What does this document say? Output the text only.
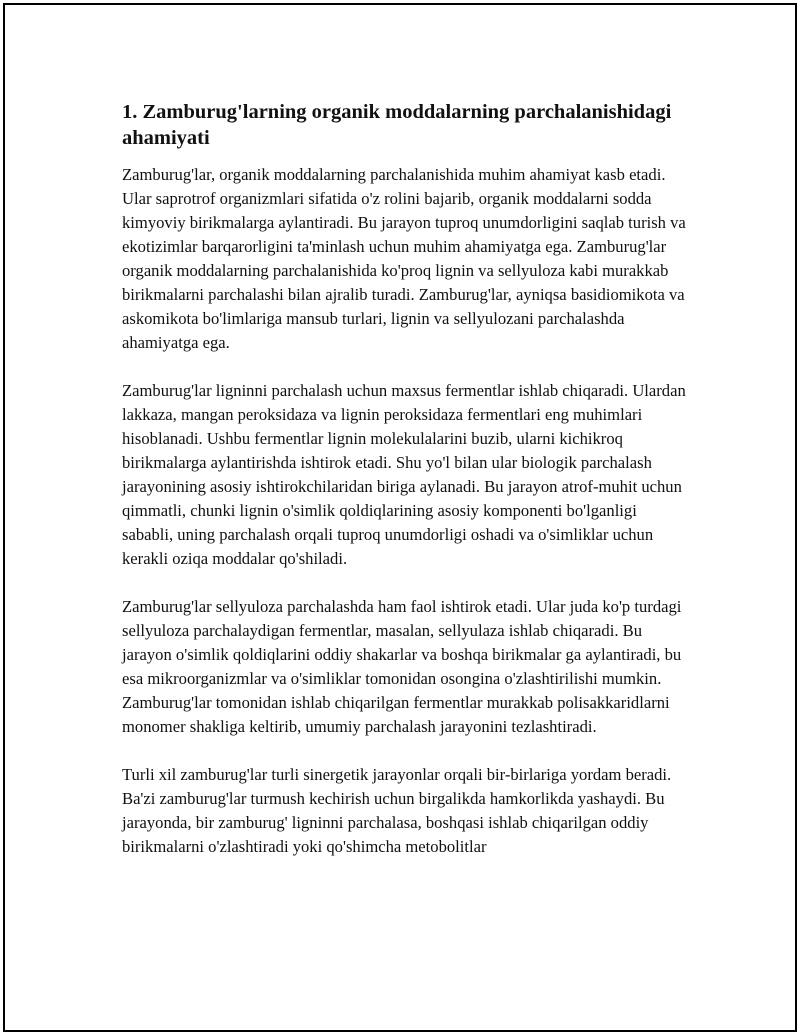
1. Zamburug'larning organik moddalarning parchalanishidagi ahamiyati

Zamburug'lar, organik moddalarning parchalanishida muhim ahamiyat kasb etadi. Ular saprotrof organizmlari sifatida o'z rolini bajarib, organik moddalarni sodda kimyoviy birikmalarga aylantiradi. Bu jarayon tuproq unumdorligini saqlab turish va ekotizimlar barqarorligini ta'minlash uchun muhim ahamiyatga ega. Zamburug'lar organik moddalarning parchalanishida ko'proq lignin va sellyuloza kabi murakkab birikmalarni parchalashi bilan ajralib turadi. Zamburug'lar, ayniqsa basidiomikota va askomikota bo'limlariga mansub turlari, lignin va sellyulozani parchalashda ahamiyatga ega.

Zamburug'lar ligninni parchalash uchun maxsus fermentlar ishlab chiqaradi. Ulardan lakkaza, mangan peroksidaza va lignin peroksidaza fermentlari eng muhimlari hisoblanadi. Ushbu fermentlar lignin molekulalarini buzib, ularni kichikroq birikmalarga aylantirishda ishtirok etadi. Shu yo'l bilan ular biologik parchalash jarayonining asosiy ishtirokchilaridan biriga aylanadi. Bu jarayon atrof-muhit uchun qimmatli, chunki lignin o'simlik qoldiqlarining asosiy komponenti bo'lganligi sababli, uning parchalash orqali tuproq unumdorligi oshadi va o'simliklar uchun kerakli oziqa moddalar qo'shiladi.

Zamburug'lar sellyuloza parchalashda ham faol ishtirok etadi. Ular juda ko'p turdagi sellyuloza parchalaydigan fermentlar, masalan, sellyulaza ishlab chiqaradi. Bu jarayon o'simlik qoldiqlarini oddiy shakarlar va boshqa birikmalar ga aylantiradi, bu esa mikroorganizmlar va o'simliklar tomonidan osongina o'zlashtirilishi mumkin. Zamburug'lar tomonidan ishlab chiqarilgan fermentlar murakkab polisakkaridlarni monomer shakliga keltirib, umumiy parchalash jarayonini tezlashtiradi.

Turli xil zamburug'lar turli sinergetik jarayonlar orqali bir-birlariga yordam beradi. Ba'zi zamburug'lar turmush kechirish uchun birgalikda hamkorlikda yashaydi. Bu jarayonda, bir zamburug' ligninni parchalasa, boshqasi ishlab chiqarilgan oddiy birikmalarni o'zlashtiradi yoki qo'shimcha metobolitlar
